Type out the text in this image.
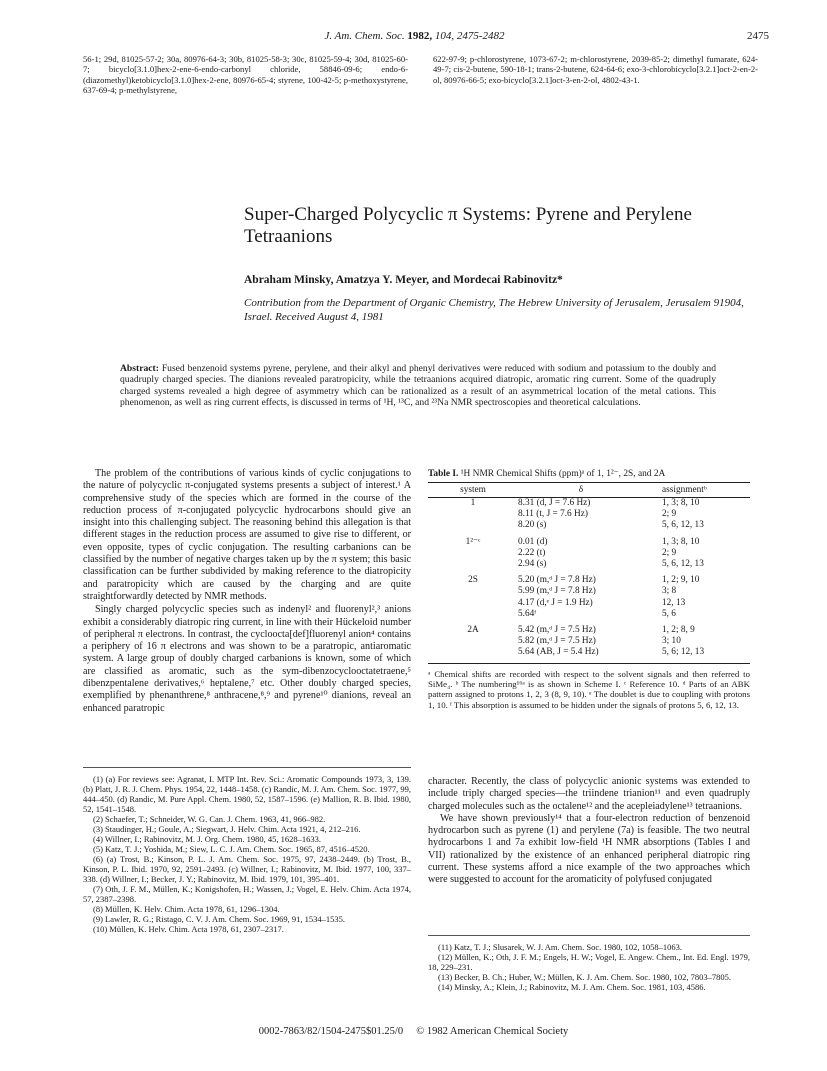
J. Am. Chem. Soc. 1982, 104, 2475-2482	2475
56-1; 29d, 81025-57-2; 30a, 80976-64-3; 30b, 81025-58-3; 30c, 81025-59-4; 30d, 81025-60-7; bicyclo[3.1.0]hex-2-ene-6-endo-carbonyl chloride, 58846-09-6; endo-6-(diazomethyl)ketobicyclo[3.1.0]hex-2-ene, 80976-65-4; styrene, 100-42-5; p-methoxystyrene, 637-69-4; p-methylstyrene,
622-97-9; p-chlorostyrene, 1073-67-2; m-chlorostyrene, 2039-85-2; dimethyl fumarate, 624-49-7; cis-2-butene, 590-18-1; trans-2-butene, 624-64-6; exo-3-chlorobicyclo[3.2.1]oct-2-en-2-ol, 80976-66-5; exo-bicyclo[3.2.1]oct-3-en-2-ol, 4802-43-1.
Super-Charged Polycyclic π Systems: Pyrene and Perylene Tetraanions
Abraham Minsky, Amatzya Y. Meyer, and Mordecai Rabinovitz*
Contribution from the Department of Organic Chemistry, The Hebrew University of Jerusalem, Jerusalem 91904, Israel. Received August 4, 1981
Abstract: Fused benzenoid systems pyrene, perylene, and their alkyl and phenyl derivatives were reduced with sodium and potassium to the doubly and quadruply charged species. The dianions revealed paratropicity, while the tetraanions acquired diatropic, aromatic ring current. Some of the quadruply charged systems revealed a high degree of asymmetry which can be rationalized as a result of an asymmetrical location of the metal cations. This phenomenon, as well as ring current effects, is discussed in terms of ¹H, ¹³C, and ²³Na NMR spectroscopies and theoretical calculations.

The problem of the contributions of various kinds of cyclic conjugations to the nature of polycyclic π-conjugated systems presents a subject of interest.¹ A comprehensive study of the species which are formed in the course of the reduction process of π-conjugated polycyclic hydrocarbons should give an insight into this challenging subject. The reasoning behind this allegation is that different stages in the reduction process are assumed to give rise to different, or even opposite, types of cyclic conjugation. The resulting carbanions can be classified by the number of negative charges taken up by the π system; this basic classification can be further subdivided by making reference to the diatropicity and paratropicity which are caused by the charging and are quite straightforwardly detected by NMR methods.

Singly charged polycyclic species such as indenyl² and fluorenyl²,³ anions exhibit a considerably diatropic ring current, in line with their Hückeloid number of peripheral π electrons. In contrast, the cycloocta[def]fluorenyl anion⁴ contains a periphery of 16 π electrons and was shown to be a paratropic, antiaromatic system. A large group of doubly charged carbanions is known, some of which are classified as aromatic, such as the sym-dibenzocyclooctatetraene,⁵ dibenzpentalene derivatives,⁶ heptalene,⁷ etc. Other doubly charged species, exemplified by phenanthrene,⁸ anthracene,⁸,⁹ and pyrene¹⁰ dianions, reveal an enhanced paratropic

(1) (a) For reviews see: Agranat, I. MTP Int. Rev. Sci.: Aromatic Compounds 1973, 3, 139. (b) Platt, J. R. J. Chem. Phys. 1954, 22, 1448–1458. (c) Randic, M. J. Am. Chem. Soc. 1977, 99, 444–450. (d) Randic, M. Pure Appl. Chem. 1980, 52, 1587–1596. (e) Mallion, R. B. Ibid. 1980, 52, 1541–1548.

(2) Schaefer, T.; Schneider, W. G. Can. J. Chem. 1963, 41, 966–982.

(3) Staudinger, H.; Goule, A.; Siegwart, J. Helv. Chim. Acta 1921, 4, 212–216.

(4) Willner, I.; Rabinovitz, M. J. Org. Chem. 1980, 45, 1628–1633.

(5) Katz, T. J.; Yoshida, M.; Siew, L. C. J. Am. Chem. Soc. 1965, 87, 4516–4520.

(6) (a) Trost, B.; Kinson, P. L. J. Am. Chem. Soc. 1975, 97, 2438–2449. (b) Trost, B., Kinson, P. L. Ibid. 1970, 92, 2591–2493. (c) Willner, I.; Rabinovitz, M. Ibid. 1977, 100, 337–338. (d) Willner, I.; Becker, J. Y.; Rabinovitz, M. Ibid. 1979, 101, 395–401.

(7) Oth, J. F. M., Müllen, K.; Konigshofen, H.; Wassen, J.; Vogel, E. Helv. Chim. Acta 1974, 57, 2387–2398.

(8) Müllen, K. Helv. Chim. Acta 1978, 61, 1296–1304.

(9) Lawler, R. G.; Ristago, C. V. J. Am. Chem. Soc. 1969, 91, 1534–1535.

(10) Müllen, K. Helv. Chim. Acta 1978, 61, 2307–2317.

Table I. ¹H NMR Chemical Shifts (ppm)ᵃ of 1, 1²⁻, 2S, and 2A
system	δ	assignmentᵇ
1	8.31 (d, J = 7.6 Hz)	1, 3; 8, 10
	8.11 (t, J = 7.6 Hz)	2; 9
	8.20 (s)	5, 6, 12, 13
1²⁻ᶜ	0.01 (d)	1, 3; 8, 10
	2.22 (t)	2; 9
	2.94 (s)	5, 6, 12, 13
2S	5.20 (m,ᵈ J = 7.8 Hz)	1, 2; 9, 10
	5.99 (m,ᵈ J = 7.8 Hz)	3; 8
	4.17 (d,ᵉ J = 1.9 Hz)	12, 13
	5.64ᶠ	5, 6
2A	5.42 (m,ᵈ J = 7.5 Hz)	1, 2; 8, 9
	5.82 (m,ᵈ J = 7.5 Hz)	3; 10
	5.64 (AB, J = 5.4 Hz)	5, 6; 12, 13
ᵃ Chemical shifts are recorded with respect to the solvent signals and then referred to SiMe₄. ᵇ The numbering¹⁶ᵃ is as shown in Scheme I. ᶜ Reference 10. ᵈ Parts of an ABK pattern assigned to protons 1, 2, 3 (8, 9, 10). ᵉ The doublet is due to coupling with protons 1, 10. ᶠ This absorption is assumed to be hidden under the signals of protons 5, 6, 12, 13.

character. Recently, the class of polycyclic anionic systems was extended to include triply charged species—the triindene trianion¹¹ and even quadruply charged molecules such as the octalene¹² and the acepleiadylene¹³ tetraanions.

We have shown previously¹⁴ that a four-electron reduction of benzenoid hydrocarbon such as pyrene (1) and perylene (7a) is feasible. The two neutral hydrocarbons 1 and 7a exhibit low-field ¹H NMR absorptions (Tables I and VII) rationalized by the existence of an enhanced peripheral diatropic ring current. These systems afford a nice example of the two approaches which were suggested to account for the aromaticity of polyfused conjugated

(11) Katz, T. J.; Slusarek, W. J. Am. Chem. Soc. 1980, 102, 1058–1063.

(12) Müllen, K.; Oth, J. F. M.; Engels, H. W.; Vogel, E. Angew. Chem., Int. Ed. Engl. 1979, 18, 229–231.

(13) Becker, B. Ch.; Huber, W.; Müllen, K. J. Am. Chem. Soc. 1980, 102, 7803–7805.

(14) Minsky, A.; Klein, J.; Rabinovitz, M. J. Am. Chem. Soc. 1981, 103, 4586.

0002-7863/82/1504-2475$01.25/0 © 1982 American Chemical Society
